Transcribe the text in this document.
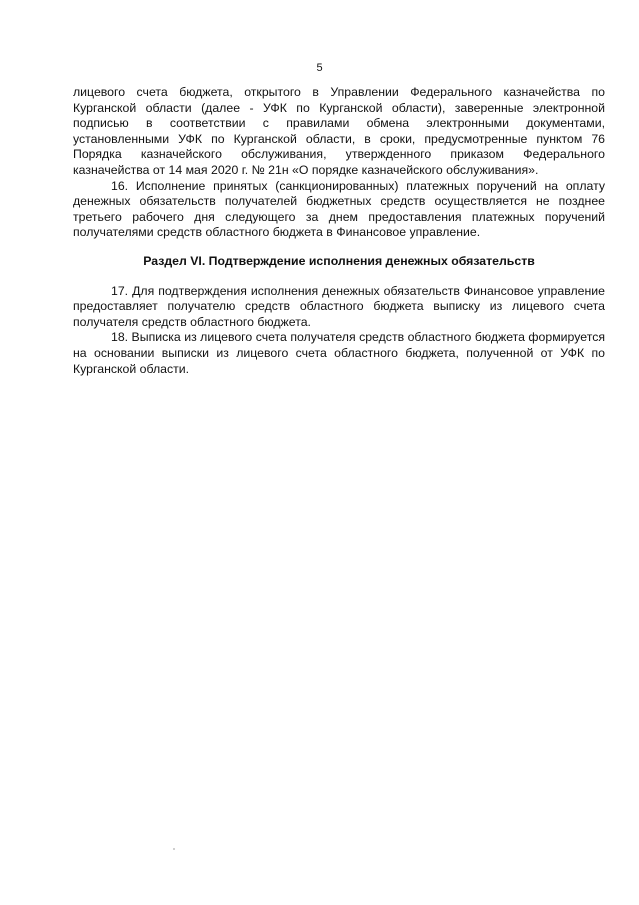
5

лицевого счета бюджета, открытого в Управлении Федерального казначейства по Курганской области (далее - УФК по Курганской области), заверенные электронной подписью в соответствии с правилами обмена электронными документами, установленными УФК по Курганской области, в сроки, предусмотренные пунктом 76 Порядка казначейского обслуживания, утвержденного приказом Федерального казначейства от 14 мая 2020 г. № 21н «О порядке казначейского обслуживания».

16. Исполнение принятых (санкционированных) платежных поручений на оплату денежных обязательств получателей бюджетных средств осуществляется не позднее третьего рабочего дня следующего за днем предоставления платежных поручений получателями средств областного бюджета в Финансовое управление.

Раздел VI. Подтверждение исполнения денежных обязательств

17. Для подтверждения исполнения денежных обязательств Финансовое управление предоставляет получателю средств областного бюджета выписку из лицевого счета получателя средств областного бюджета.

18. Выписка из лицевого счета получателя средств областного бюджета формируется на основании выписки из лицевого счета областного бюджета, полученной от УФК по Курганской области.
